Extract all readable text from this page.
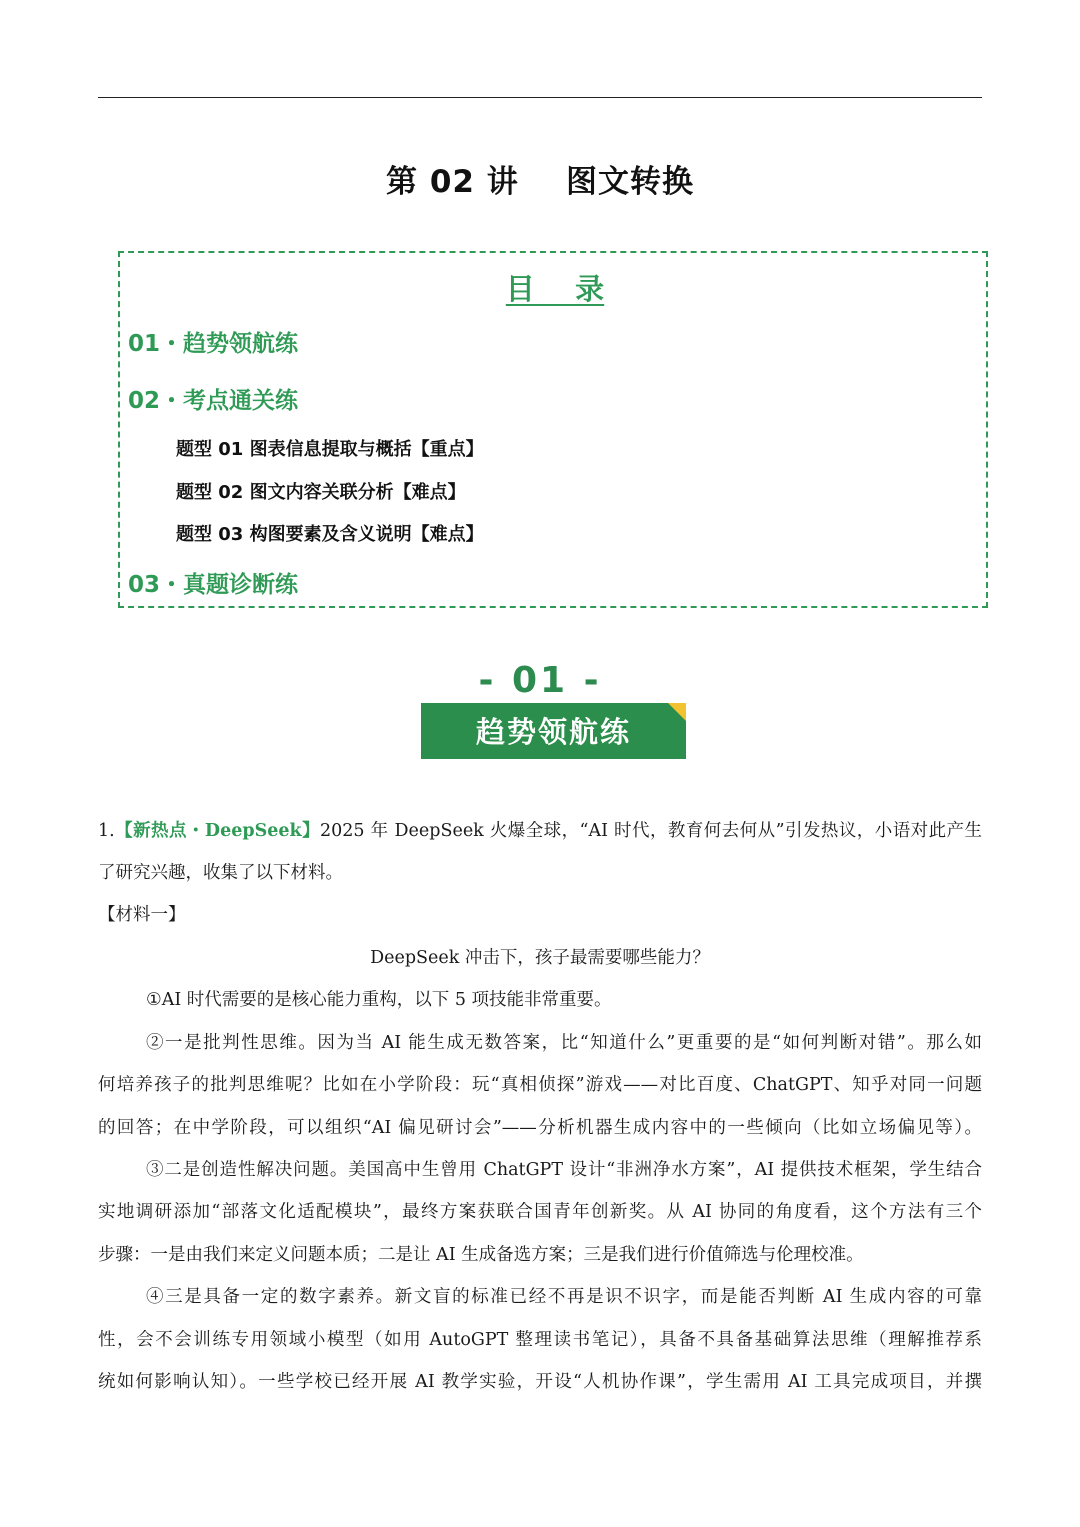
第 02 讲    图文转换
目    录
01・趋势领航练
02・考点通关练
题型 01 图表信息提取与概括【重点】
题型 02 图文内容关联分析【难点】
题型 03 构图要素及含义说明【难点】
03・真题诊断练
- 01 -
趋势领航练
1.【新热点・DeepSeek】2025 年 DeepSeek 火爆全球，“AI 时代，教育何去何从”引发热议，小语对此产生
了研究兴趣，收集了以下材料。
【材料一】
DeepSeek 冲击下，孩子最需要哪些能力？
①AI 时代需要的是核心能力重构，以下 5 项技能非常重要。
②一是批判性思维。因为当 AI 能生成无数答案，比“知道什么”更重要的是“如何判断对错”。那么如
何培养孩子的批判思维呢？比如在小学阶段：玩“真相侦探”游戏——对比百度、ChatGPT、知乎对同一问题
的回答；在中学阶段，可以组织“AI 偏见研讨会”——分析机器生成内容中的一些倾向（比如立场偏见等）。
③二是创造性解决问题。美国高中生曾用 ChatGPT 设计“非洲净水方案”，AI 提供技术框架，学生结合
实地调研添加“部落文化适配模块”，最终方案获联合国青年创新奖。从 AI 协同的角度看，这个方法有三个
步骤：一是由我们来定义问题本质；二是让 AI 生成备选方案；三是我们进行价值筛选与伦理校准。
④三是具备一定的数字素养。新文盲的标准已经不再是识不识字，而是能否判断 AI 生成内容的可靠
性，会不会训练专用领域小模型（如用 AutoGPT 整理读书笔记），具备不具备基础算法思维（理解推荐系
统如何影响认知）。一些学校已经开展 AI 教学实验，开设“人机协作课”，学生需用 AI 工具完成项目，并撰
